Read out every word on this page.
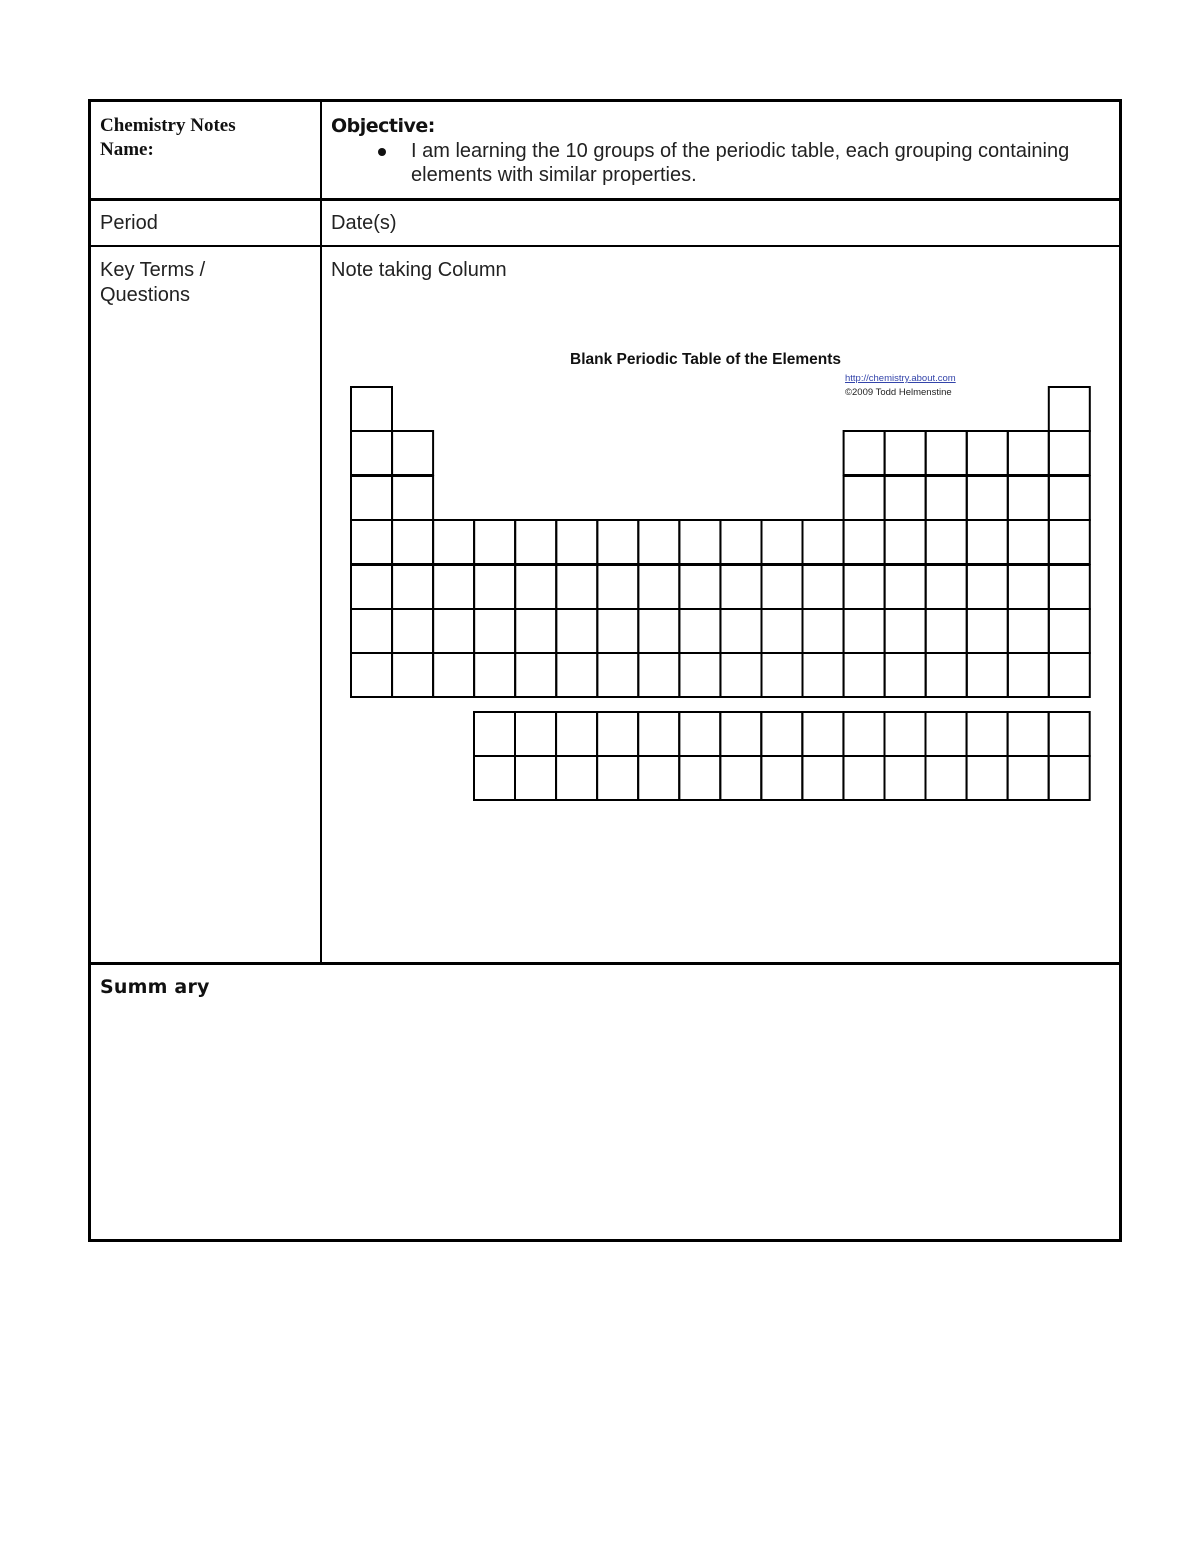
Chemistry Notes
Name:
Objective:
I am learning the 10 groups of the periodic table, each grouping containing elements with similar properties.
Period	Date(s)
Key Terms / Questions
Note taking Column
Summ ary
Blank Periodic Table of the Elements
http://chemistry.about.com
©2009 Todd Helmenstine
